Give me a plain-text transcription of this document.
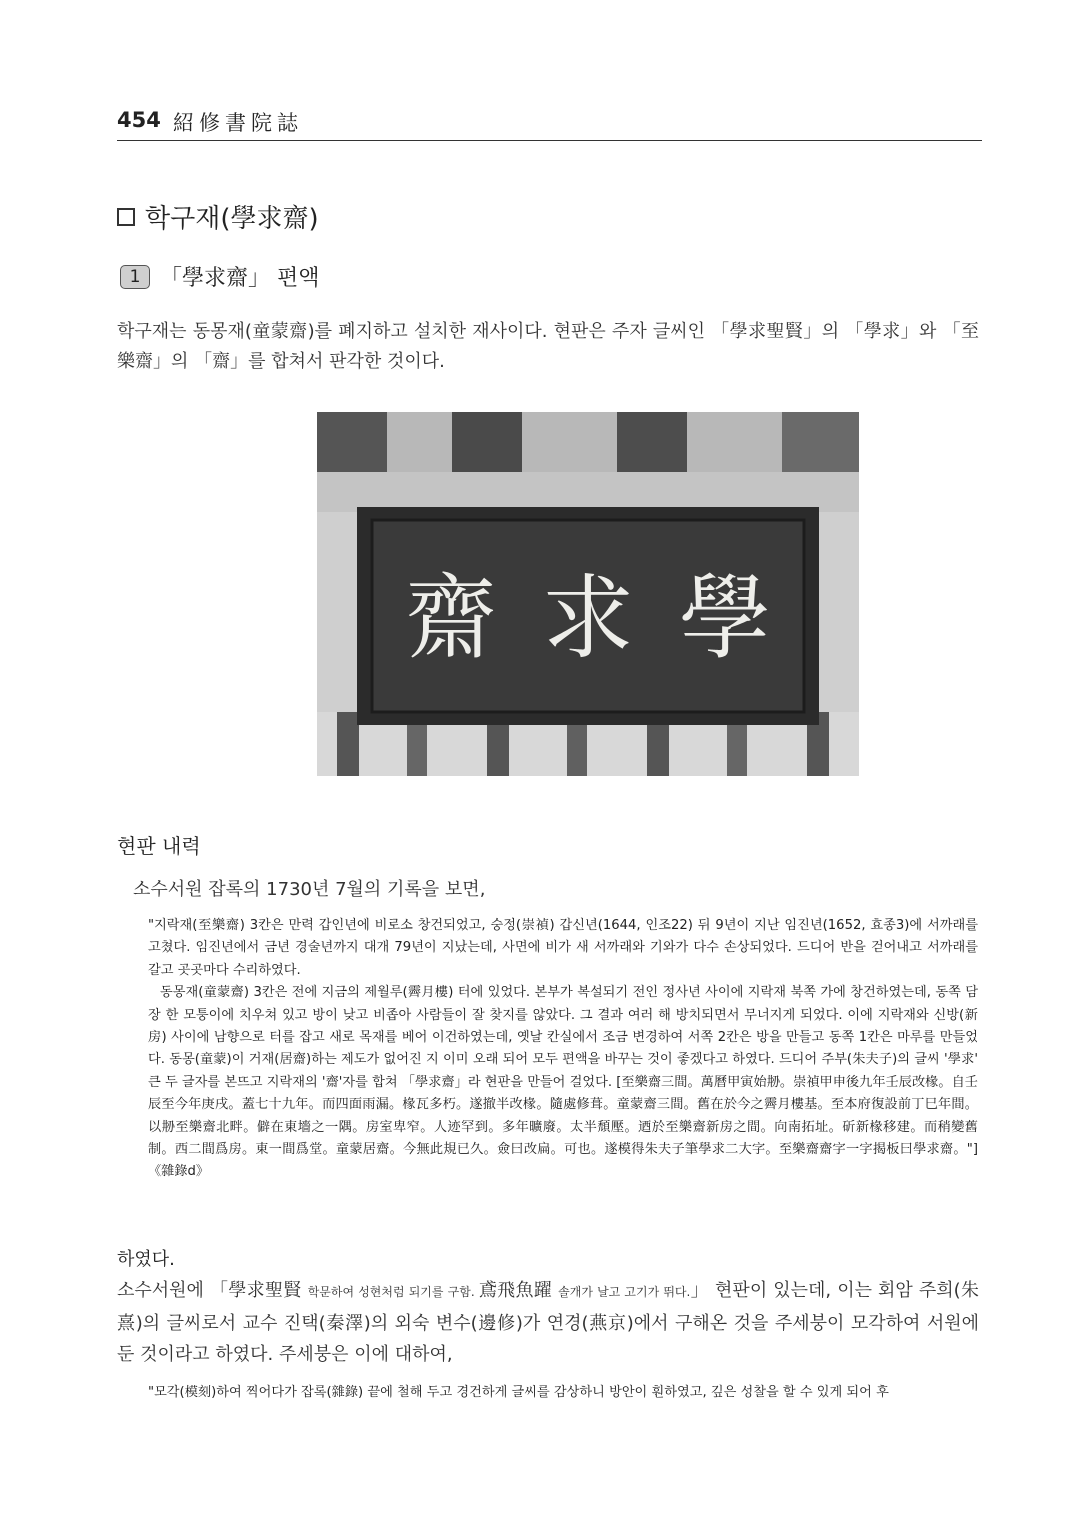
454 紹修書院誌
학구재(學求齋)
1 「學求齋」 편액
학구재는 동몽재(童蒙齋)를 폐지하고 설치한 재사이다. 현판은 주자 글씨인 「學求聖賢」의 「學求」와 「至樂齋」의 「齋」를 합쳐서 판각한 것이다.
齋 求 學
현판 내력
소수서원 잡록의 1730년 7월의 기록을 보면,

"지락재(至樂齋) 3칸은 만력 갑인년에 비로소 창건되었고, 숭정(崇禎) 갑신년(1644, 인조22) 뒤 9년이 지난 임진년(1652, 효종3)에 서까래를 고쳤다. 임진년에서 금년 경술년까지 대개 79년이 지났는데, 사면에 비가 새 서까래와 기와가 다수 손상되었다. 드디어 반을 걷어내고 서까래를 갈고 곳곳마다 수리하였다.

동몽재(童蒙齋) 3칸은 전에 지금의 제월루(霽月樓) 터에 있었다. 본부가 복설되기 전인 정사년 사이에 지락재 북쪽 가에 창건하였는데, 동쪽 담장 한 모퉁이에 치우쳐 있고 방이 낮고 비좁아 사람들이 잘 찾지를 않았다. 그 결과 여러 해 방치되면서 무너지게 되었다. 이에 지락재와 신방(新房) 사이에 남향으로 터를 잡고 새로 목재를 베어 이건하였는데, 옛날 칸실에서 조금 변경하여 서쪽 2칸은 방을 만들고 동쪽 1칸은 마루를 만들었다. 동몽(童蒙)이 거재(居齋)하는 제도가 없어진 지 이미 오래 되어 모두 편액을 바꾸는 것이 좋겠다고 하였다. 드디어 주부(朱夫子)의 글씨 '學求' 큰 두 글자를 본뜨고 지락재의 '齋'자를 합쳐 「學求齋」라 현판을 만들어 걸었다. [至樂齋三間。萬曆甲寅始刱。崇禎甲申後九年壬辰改椽。自壬辰至今年庚戌。蓋七十九年。而四面雨漏。椽瓦多朽。遂撤半改椽。隨處修葺。童蒙齋三間。舊在於今之霽月樓基。至本府復設前丁巳年間。以刱至樂齋北畔。僻在東墻之一隅。房室卑窄。人迹罕到。多年曠廢。太半頹壓。迺於至樂齋新房之間。向南拓址。斫新椽移建。而稍變舊制。西二間爲房。東一間爲堂。童蒙居齋。今無此規已久。僉曰改扁。可也。遂模得朱夫子筆學求二大字。至樂齋齋字一字揭板曰學求齋。"] 《雜錄d》

하였다.
소수서원에 「學求聖賢 학문하여 성현처럼 되기를 구함. 鳶飛魚躍 솔개가 날고 고기가 뛰다.」 현판이 있는데, 이는 회암 주희(朱熹)의 글씨로서 교수 진택(秦澤)의 외숙 변수(邊修)가 연경(燕京)에서 구해온 것을 주세붕이 모각하여 서원에 둔 것이라고 하였다. 주세붕은 이에 대하여,
"모각(模刻)하여 찍어다가 잡록(雜錄) 끝에 철해 두고 경건하게 글씨를 감상하니 방안이 훤하였고, 깊은 성찰을 할 수 있게 되어 후
